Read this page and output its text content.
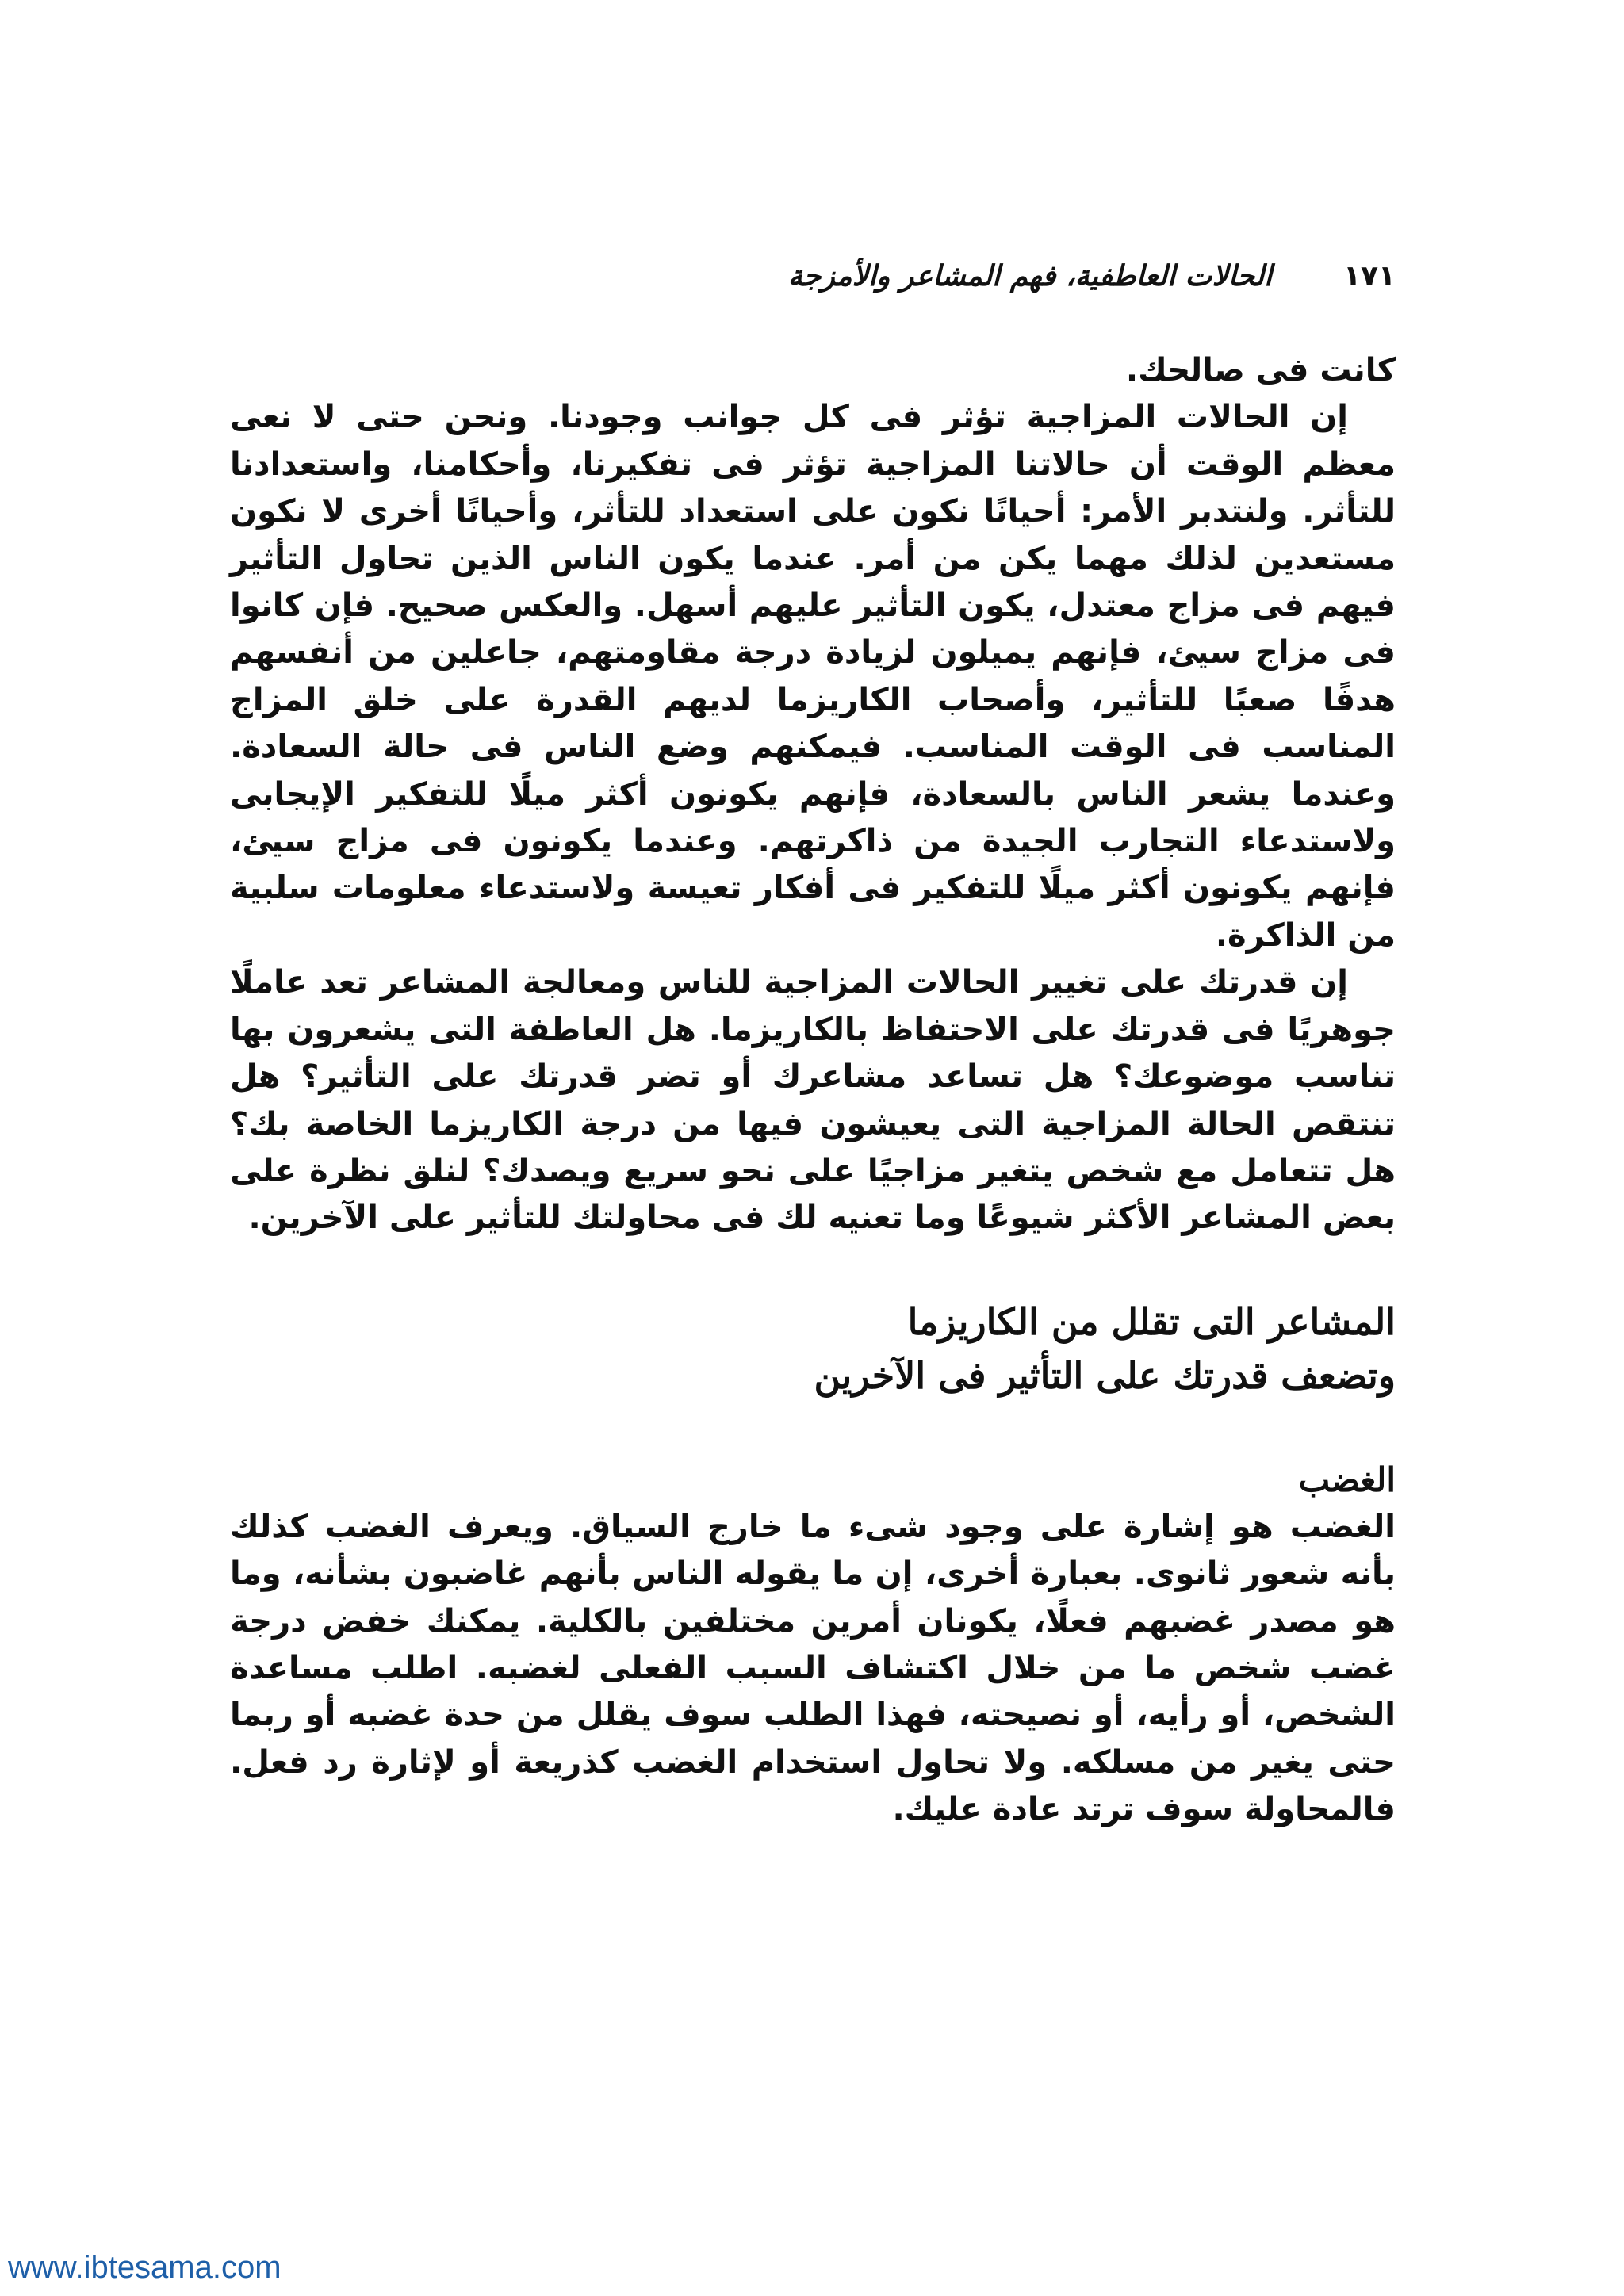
١٧١
الحالات العاطفية، فهم المشاعر والأمزجة

كانت فى صالحك.

إن الحالات المزاجية تؤثر فى كل جوانب وجودنا. ونحن حتى لا نعى معظم الوقت أن حالاتنا المزاجية تؤثر فى تفكيرنا، وأحكامنا، واستعدادنا للتأثر. ولنتدبر الأمر: أحيانًا نكون على استعداد للتأثر، وأحيانًا أخرى لا نكون مستعدين لذلك مهما يكن من أمر. عندما يكون الناس الذين تحاول التأثير فيهم فى مزاج معتدل، يكون التأثير عليهم أسهل. والعكس صحيح. فإن كانوا فى مزاج سيئ، فإنهم يميلون لزيادة درجة مقاومتهم، جاعلين من أنفسهم هدفًا صعبًا للتأثير، وأصحاب الكاريزما لديهم القدرة على خلق المزاج المناسب فى الوقت المناسب. فيمكنهم وضع الناس فى حالة السعادة. وعندما يشعر الناس بالسعادة، فإنهم يكونون أكثر ميلًا للتفكير الإيجابى ولاستدعاء التجارب الجيدة من ذاكرتهم. وعندما يكونون فى مزاج سيئ، فإنهم يكونون أكثر ميلًا للتفكير فى أفكار تعيسة ولاستدعاء معلومات سلبية من الذاكرة.

إن قدرتك على تغيير الحالات المزاجية للناس ومعالجة المشاعر تعد عاملًا جوهريًا فى قدرتك على الاحتفاظ بالكاريزما. هل العاطفة التى يشعرون بها تناسب موضوعك؟ هل تساعد مشاعرك أو تضر قدرتك على التأثير؟ هل تنتقص الحالة المزاجية التى يعيشون فيها من درجة الكاريزما الخاصة بك؟ هل تتعامل مع شخص يتغير مزاجيًا على نحو سريع ويصدك؟ لنلق نظرة على بعض المشاعر الأكثر شيوعًا وما تعنيه لك فى محاولتك للتأثير على الآخرين.

المشاعر التى تقلل من الكاريزما
وتضعف قدرتك على التأثير فى الآخرين
الغضب

الغضب هو إشارة على وجود شىء ما خارج السياق. ويعرف الغضب كذلك بأنه شعور ثانوى. بعبارة أخرى، إن ما يقوله الناس بأنهم غاضبون بشأنه، وما هو مصدر غضبهم فعلًا، يكونان أمرين مختلفين بالكلية. يمكنك خفض درجة غضب شخص ما من خلال اكتشاف السبب الفعلى لغضبه. اطلب مساعدة الشخص، أو رأيه، أو نصيحته، فهذا الطلب سوف يقلل من حدة غضبه أو ربما حتى يغير من مسلكه. ولا تحاول استخدام الغضب كذريعة أو لإثارة رد فعل. فالمحاولة سوف ترتد عادة عليك.

www.ibtesama.com
